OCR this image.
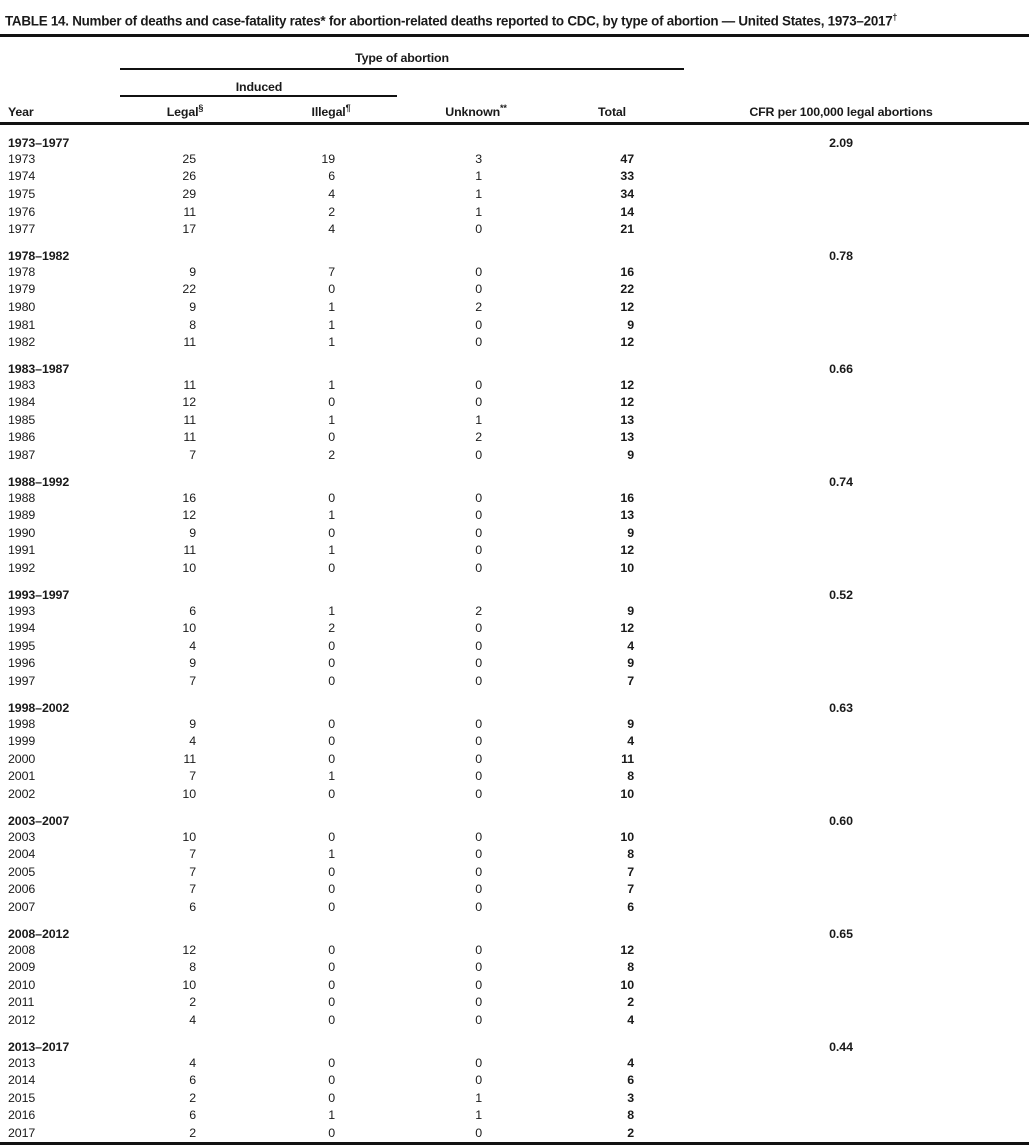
TABLE 14. Number of deaths and case-fatality rates* for abortion-related deaths reported to CDC, by type of abortion — United States, 1973–2017†
	Type of abortion				
	Induced				
Year	Legal§	Illegal¶	Unknown**	Total	CFR per 100,000 legal abortions
1973–1977					2.09
1973	25	19	3	47	
1974	26	6	1	33	
1975	29	4	1	34	
1976	11	2	1	14	
1977	17	4	0	21	
1978–1982					0.78
1978	9	7	0	16	
1979	22	0	0	22	
1980	9	1	2	12	
1981	8	1	0	9	
1982	11	1	0	12	
1983–1987					0.66
1983	11	1	0	12	
1984	12	0	0	12	
1985	11	1	1	13	
1986	11	0	2	13	
1987	7	2	0	9	
1988–1992					0.74
1988	16	0	0	16	
1989	12	1	0	13	
1990	9	0	0	9	
1991	11	1	0	12	
1992	10	0	0	10	
1993–1997					0.52
1993	6	1	2	9	
1994	10	2	0	12	
1995	4	0	0	4	
1996	9	0	0	9	
1997	7	0	0	7	
1998–2002					0.63
1998	9	0	0	9	
1999	4	0	0	4	
2000	11	0	0	11	
2001	7	1	0	8	
2002	10	0	0	10	
2003–2007					0.60
2003	10	0	0	10	
2004	7	1	0	8	
2005	7	0	0	7	
2006	7	0	0	7	
2007	6	0	0	6	
2008–2012					0.65
2008	12	0	0	12	
2009	8	0	0	8	
2010	10	0	0	10	
2011	2	0	0	2	
2012	4	0	0	4	
2013–2017					0.44
2013	4	0	0	4	
2014	6	0	0	6	
2015	2	0	1	3	
2016	6	1	1	8	
2017	2	0	0	2	
